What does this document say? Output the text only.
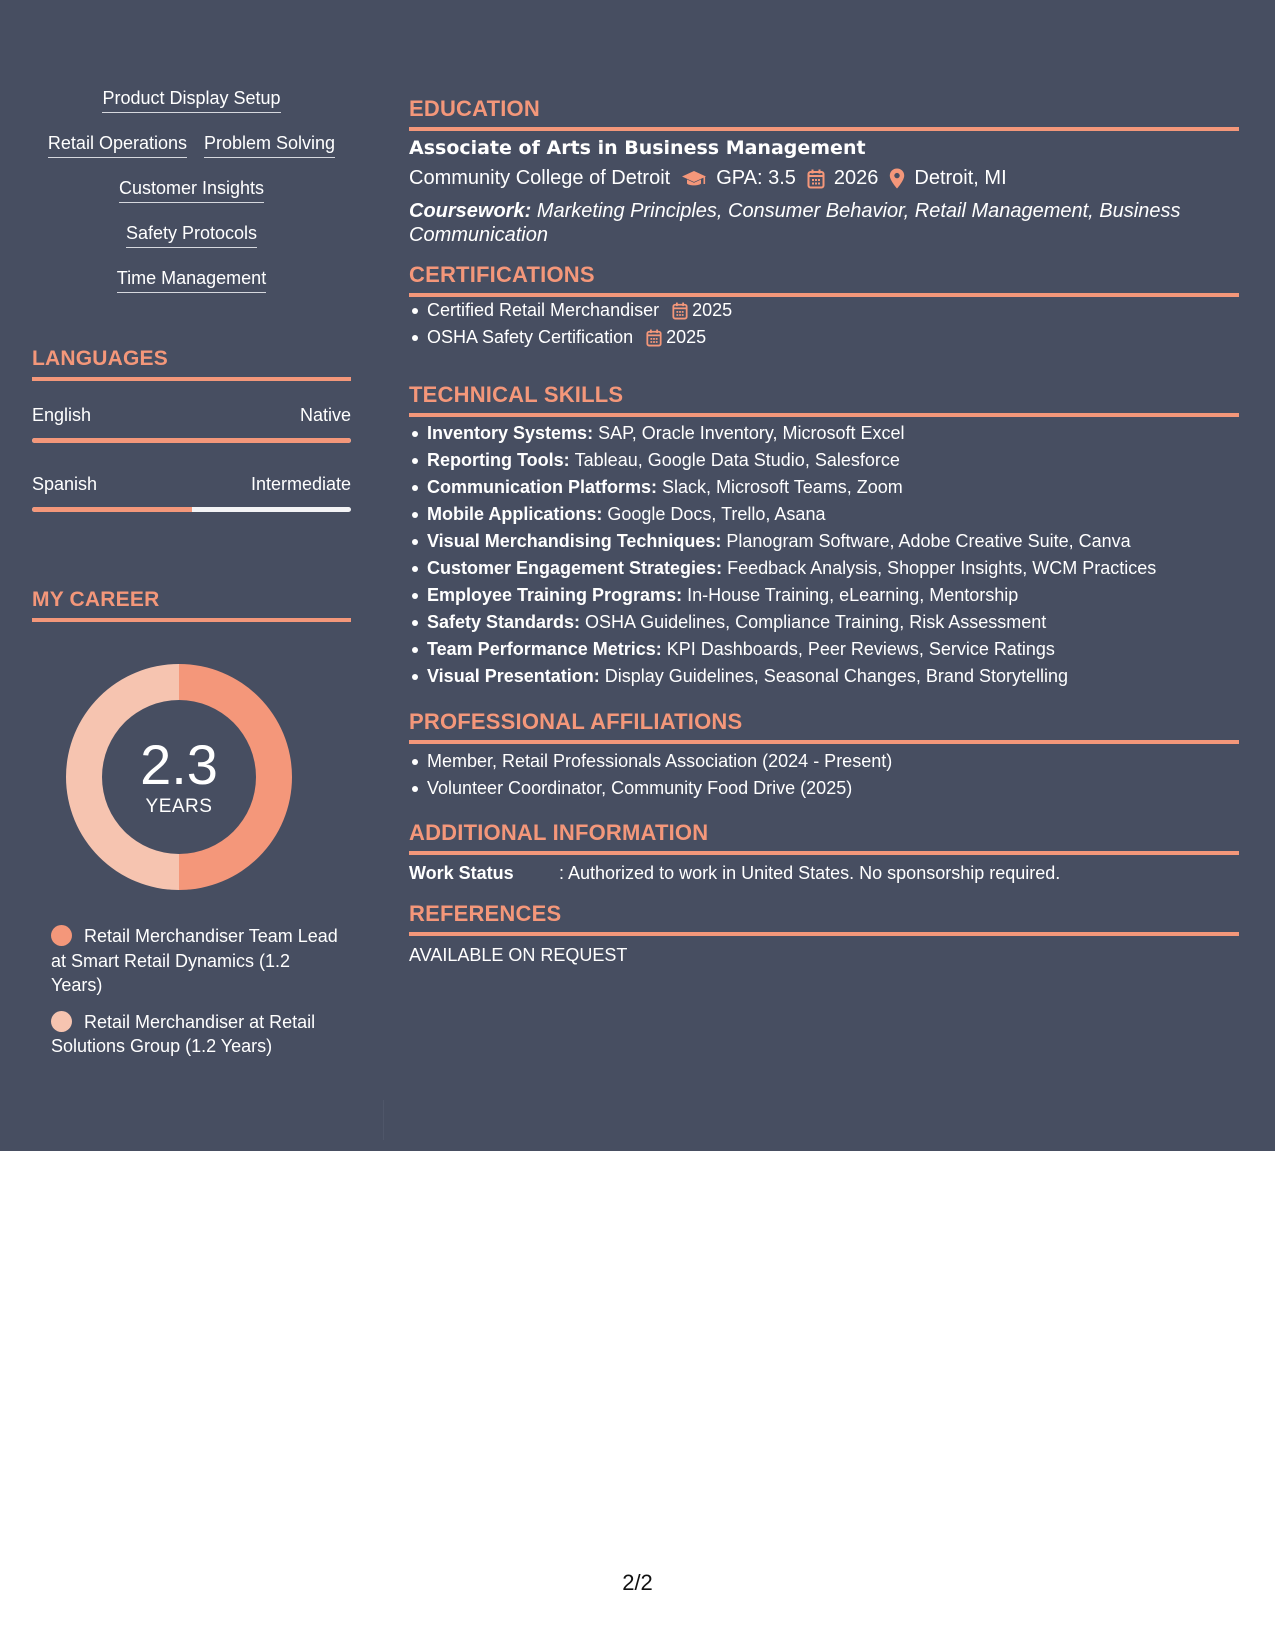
Product Display Setup
Retail Operations Problem Solving
Customer Insights
Safety Protocols
Time Management
LANGUAGES
English	Native
Spanish	Intermediate
MY CAREER
2.3
YEARS
Retail Merchandiser Team Lead at Smart Retail Dynamics (1.2 Years)
Retail Merchandiser at Retail Solutions Group (1.2 Years)
EDUCATION
Associate of Arts in Business Management
Community College of Detroit GPA: 3.5 2026 Detroit, MI
Coursework: Marketing Principles, Consumer Behavior, Retail Management, Business Communication
CERTIFICATIONS
Certified Retail Merchandiser 2025
OSHA Safety Certification 2025
TECHNICAL SKILLS
Inventory Systems: SAP, Oracle Inventory, Microsoft Excel
Reporting Tools: Tableau, Google Data Studio, Salesforce
Communication Platforms: Slack, Microsoft Teams, Zoom
Mobile Applications: Google Docs, Trello, Asana
Visual Merchandising Techniques: Planogram Software, Adobe Creative Suite, Canva
Customer Engagement Strategies: Feedback Analysis, Shopper Insights, WCM Practices
Employee Training Programs: In-House Training, eLearning, Mentorship
Safety Standards: OSHA Guidelines, Compliance Training, Risk Assessment
Team Performance Metrics: KPI Dashboards, Peer Reviews, Service Ratings
Visual Presentation: Display Guidelines, Seasonal Changes, Brand Storytelling
PROFESSIONAL AFFILIATIONS
Member, Retail Professionals Association (2024 - Present)
Volunteer Coordinator, Community Food Drive (2025)
ADDITIONAL INFORMATION
Work Status	: Authorized to work in United States. No sponsorship required.
REFERENCES
AVAILABLE ON REQUEST
2/2
